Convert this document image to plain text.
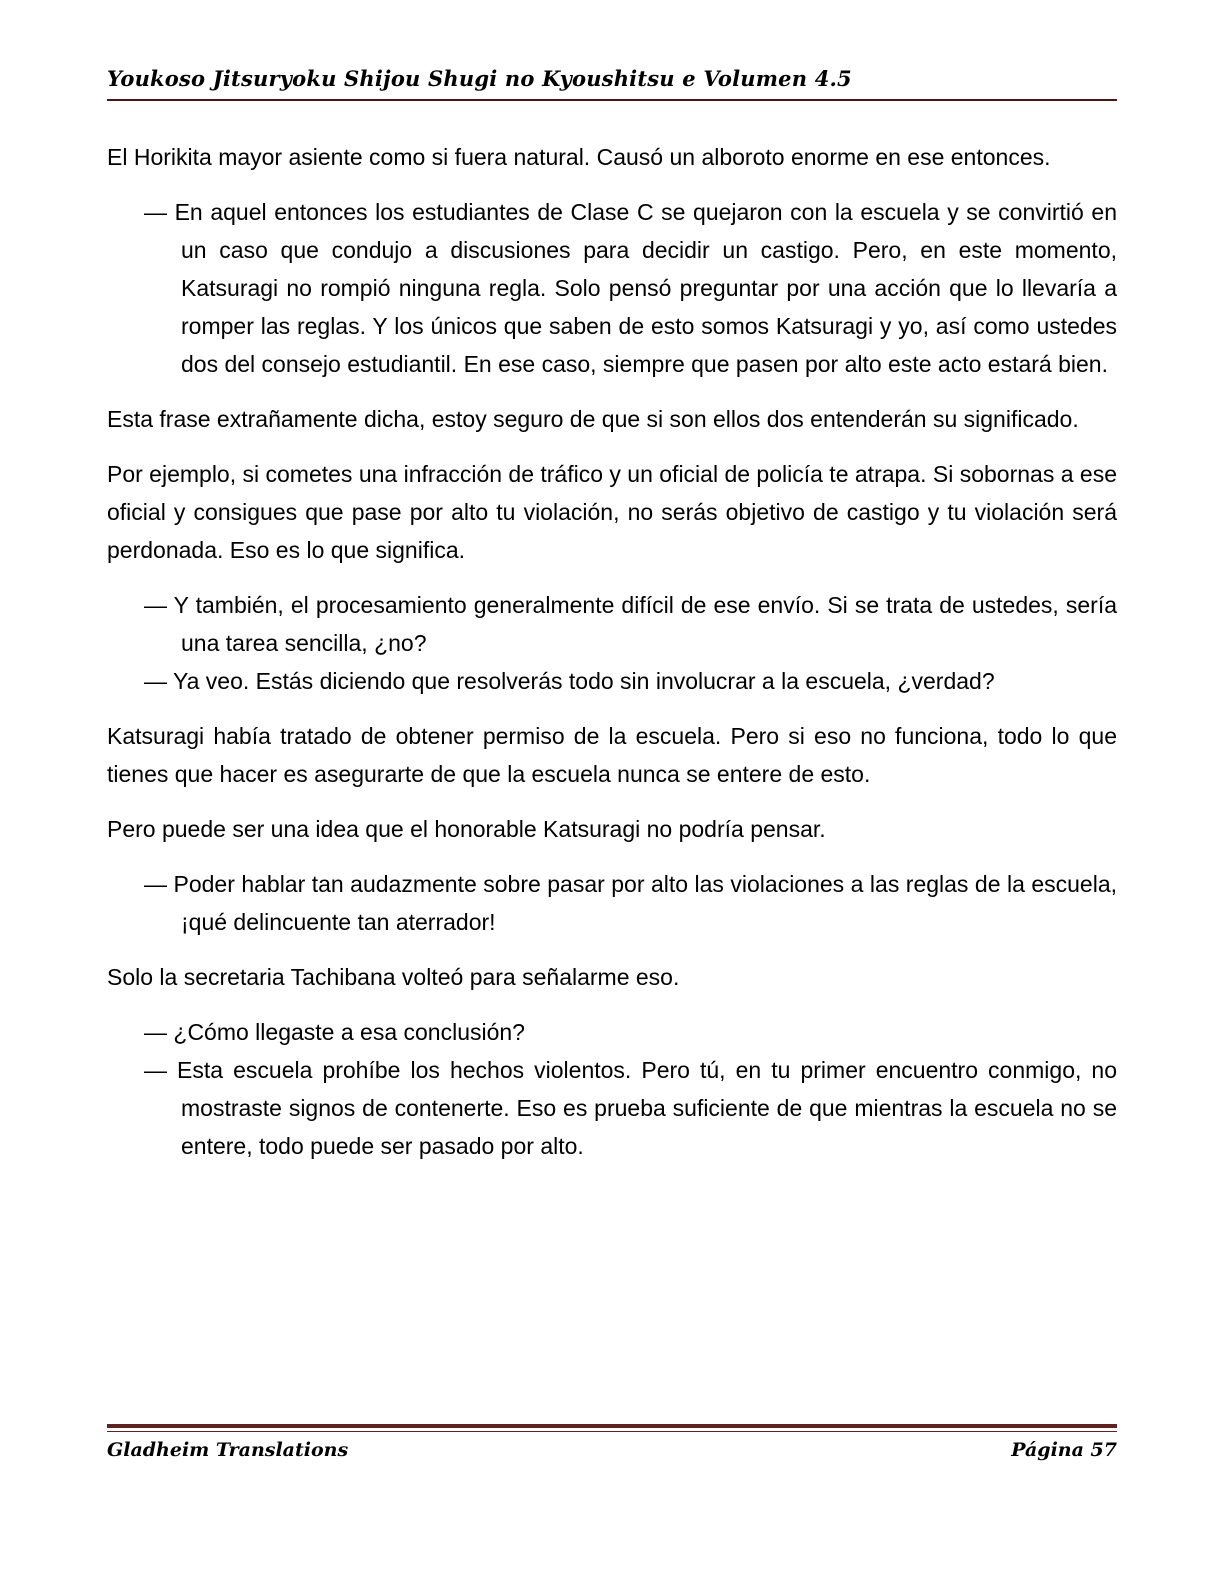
Youkoso Jitsuryoku Shijou Shugi no Kyoushitsu e Volumen 4.5

El Horikita mayor asiente como si fuera natural. Causó un alboroto enorme en ese entonces.

— En aquel entonces los estudiantes de Clase C se quejaron con la escuela y se convirtió en un caso que condujo a discusiones para decidir un castigo. Pero, en este momento, Katsuragi no rompió ninguna regla. Solo pensó preguntar por una acción que lo llevaría a romper las reglas. Y los únicos que saben de esto somos Katsuragi y yo, así como ustedes dos del consejo estudiantil. En ese caso, siempre que pasen por alto este acto estará bien.

Esta frase extrañamente dicha, estoy seguro de que si son ellos dos entenderán su significado.

Por ejemplo, si cometes una infracción de tráfico y un oficial de policía te atrapa. Si sobornas a ese oficial y consigues que pase por alto tu violación, no serás objetivo de castigo y tu violación será perdonada. Eso es lo que significa.

— Y también, el procesamiento generalmente difícil de ese envío. Si se trata de ustedes, sería una tarea sencilla, ¿no?

— Ya veo. Estás diciendo que resolverás todo sin involucrar a la escuela, ¿verdad?

Katsuragi había tratado de obtener permiso de la escuela. Pero si eso no funciona, todo lo que tienes que hacer es asegurarte de que la escuela nunca se entere de esto.

Pero puede ser una idea que el honorable Katsuragi no podría pensar.

— Poder hablar tan audazmente sobre pasar por alto las violaciones a las reglas de la escuela, ¡qué delincuente tan aterrador!

Solo la secretaria Tachibana volteó para señalarme eso.

— ¿Cómo llegaste a esa conclusión?

— Esta escuela prohíbe los hechos violentos. Pero tú, en tu primer encuentro conmigo, no mostraste signos de contenerte. Eso es prueba suficiente de que mientras la escuela no se entere, todo puede ser pasado por alto.

Gladheim Translations	Página 57
